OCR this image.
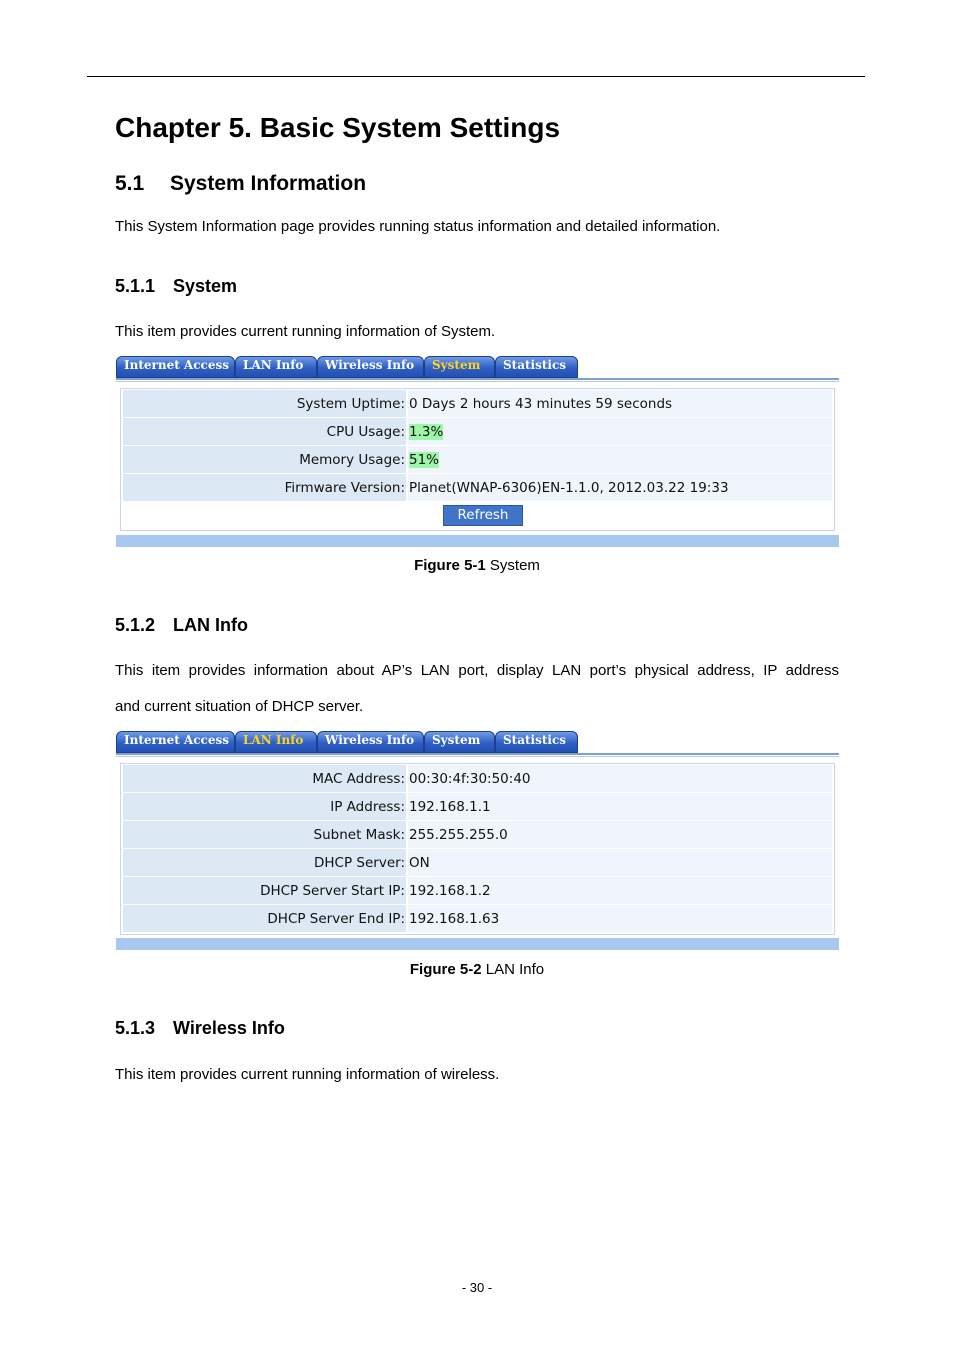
Chapter 5. Basic System Settings
5.1 System Information
This System Information page provides running status information and detailed information.
5.1.1 System
This item provides current running information of System.
Internet Access	LAN Info	Wireless Info	System	Statistics
System Uptime: 0 Days 2 hours 43 minutes 59 seconds
CPU Usage: 1.3%
Memory Usage: 51%
Firmware Version: Planet(WNAP-6306)EN-1.1.0, 2012.03.22 19:33
Refresh
Figure 5-1 System
5.1.2 LAN Info
This item provides information about AP’s LAN port, display LAN port’s physical address, IP address
and current situation of DHCP server.
Internet Access	LAN Info	Wireless Info	System	Statistics
MAC Address: 00:30:4f:30:50:40
IP Address: 192.168.1.1
Subnet Mask: 255.255.255.0
DHCP Server: ON
DHCP Server Start IP: 192.168.1.2
DHCP Server End IP: 192.168.1.63
Figure 5-2 LAN Info
5.1.3 Wireless Info
This item provides current running information of wireless.
- 30 -
